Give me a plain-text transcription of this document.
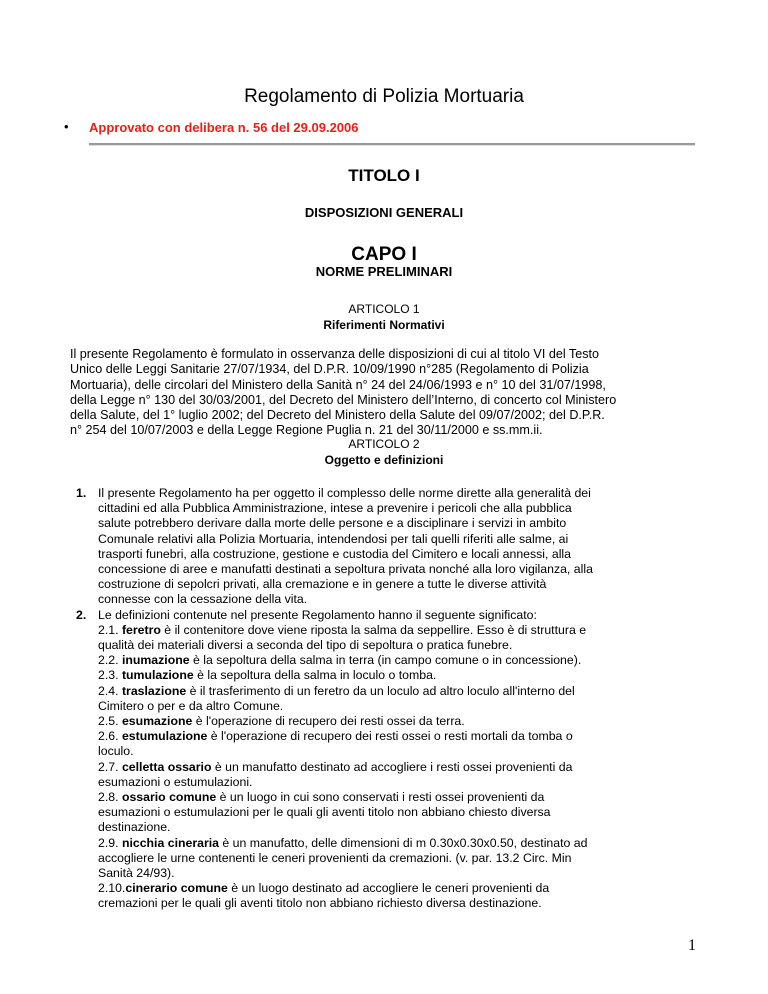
Regolamento di Polizia Mortuaria
• Approvato con delibera n. 56 del 29.09.2006
TITOLO I
DISPOSIZIONI GENERALI
CAPO I
NORME PRELIMINARI
ARTICOLO 1
Riferimenti Normativi
Il presente Regolamento è formulato in osservanza delle disposizioni di cui al titolo VI del Testo
Unico delle Leggi Sanitarie 27/07/1934, del D.P.R. 10/09/1990 n°285 (Regolamento di Polizia
Mortuaria), delle circolari del Ministero della Sanità n° 24 del 24/06/1993 e n° 10 del 31/07/1998,
della Legge n° 130 del 30/03/2001, del Decreto del Ministero dell’Interno, di concerto col Ministero
della Salute, del 1° luglio 2002; del Decreto del Ministero della Salute del 09/07/2002; del D.P.R.
n° 254 del 10/07/2003 e della Legge Regione Puglia n. 21 del 30/11/2000 e ss.mm.ii.
ARTICOLO 2
Oggetto e definizioni
1. Il presente Regolamento ha per oggetto il complesso delle norme dirette alla generalità dei
cittadini ed alla Pubblica Amministrazione, intese a prevenire i pericoli che alla pubblica
salute potrebbero derivare dalla morte delle persone e a disciplinare i servizi in ambito
Comunale relativi alla Polizia Mortuaria, intendendosi per tali quelli riferiti alle salme, ai
trasporti funebri, alla costruzione, gestione e custodia del Cimitero e locali annessi, alla
concessione di aree e manufatti destinati a sepoltura privata nonché alla loro vigilanza, alla
costruzione di sepolcri privati, alla cremazione e in genere a tutte le diverse attività
connesse con la cessazione della vita.
2. Le definizioni contenute nel presente Regolamento hanno il seguente significato:
2.1. feretro è il contenitore dove viene riposta la salma da seppellire. Esso è di struttura e
qualità dei materiali diversi a seconda del tipo di sepoltura o pratica funebre.
2.2. inumazione è la sepoltura della salma in terra (in campo comune o in concessione).
2.3. tumulazione è la sepoltura della salma in loculo o tomba.
2.4. traslazione è il trasferimento di un feretro da un loculo ad altro loculo all'interno del
Cimitero o per e da altro Comune.
2.5. esumazione è l'operazione di recupero dei resti ossei da terra.
2.6. estumulazione è l'operazione di recupero dei resti ossei o resti mortali da tomba o
loculo.
2.7. celletta ossario è un manufatto destinato ad accogliere i resti ossei provenienti da
esumazioni o estumulazioni.
2.8. ossario comune è un luogo in cui sono conservati i resti ossei provenienti da
esumazioni o estumulazioni per le quali gli aventi titolo non abbiano chiesto diversa
destinazione.
2.9. nicchia cineraria è un manufatto, delle dimensioni di m 0.30x0.30x0.50, destinato ad
accogliere le urne contenenti le ceneri provenienti da cremazioni. (v. par. 13.2 Circ. Min
Sanità 24/93).
2.10.cinerario comune è un luogo destinato ad accogliere le ceneri provenienti da
cremazioni per le quali gli aventi titolo non abbiano richiesto diversa destinazione.
1
